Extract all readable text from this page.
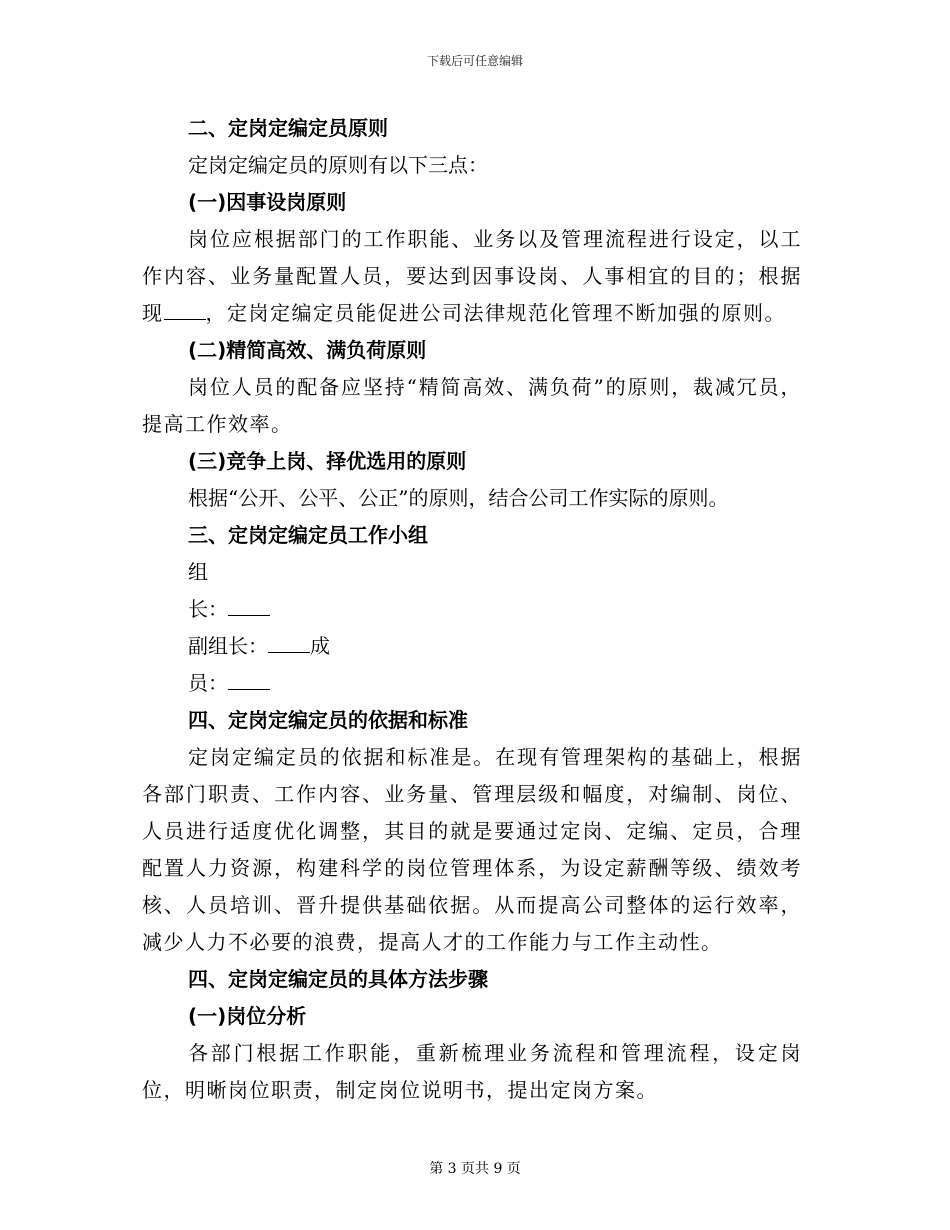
下载后可任意编辑

二、定岗定编定员原则

定岗定编定员的原则有以下三点：

(一)因事设岗原则

岗位应根据部门的工作职能、业务以及管理流程进行设定，以工作内容、业务量配置人员，要达到因事设岗、人事相宜的目的；根据现 ，定岗定编定员能促进公司法律规范化管理不断加强的原则。

(二)精简高效、满负荷原则

岗位人员的配备应坚持“精简高效、满负荷”的原则，裁减冗员，提高工作效率。

(三)竞争上岗、择优选用的原则

根据“公开、公平、公正”的原则，结合公司工作实际的原则。

三、定岗定编定员工作小组

组

长：

副组长： 成

员：

四、定岗定编定员的依据和标准

定岗定编定员的依据和标准是。在现有管理架构的基础上，根据各部门职责、工作内容、业务量、管理层级和幅度，对编制、岗位、人员进行适度优化调整，其目的就是要通过定岗、定编、定员，合理配置人力资源，构建科学的岗位管理体系，为设定薪酬等级、绩效考核、人员培训、晋升提供基础依据。从而提高公司整体的运行效率，减少人力不必要的浪费，提高人才的工作能力与工作主动性。

四、定岗定编定员的具体方法步骤

(一)岗位分析

各部门根据工作职能，重新梳理业务流程和管理流程，设定岗位，明晰岗位职责，制定岗位说明书，提出定岗方案。

第 3 页共 9 页
